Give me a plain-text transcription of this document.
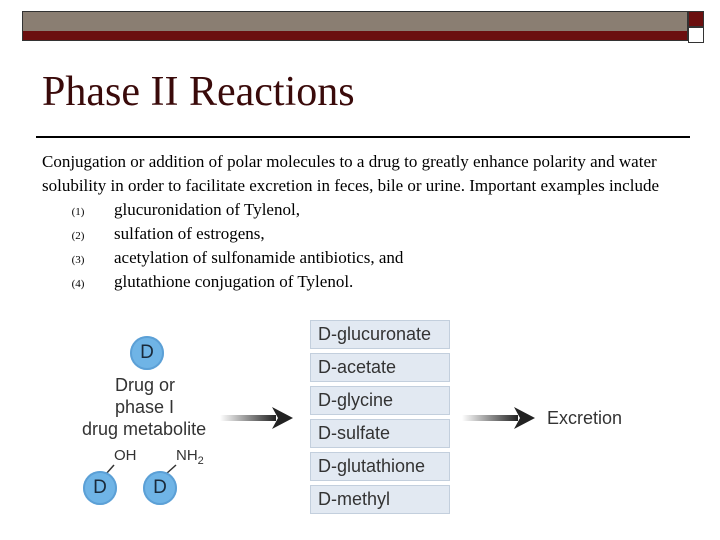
Phase II Reactions
Conjugation or addition of polar molecules to a drug to greatly enhance polarity and water solubility in order to facilitate excretion in feces, bile or urine. Important examples include
(1) glucuronidation of Tylenol,
(2) sulfation of estrogens,
(3) acetylation of sulfonamide antibiotics, and
(4) glutathione conjugation of Tylenol.
D
Drug or
phase I
drug metabolite
OH	$NH_2$
D	D
D-glucuronate
D-acetate
D-glycine
D-sulfate
D-glutathione
D-methyl
Excretion
